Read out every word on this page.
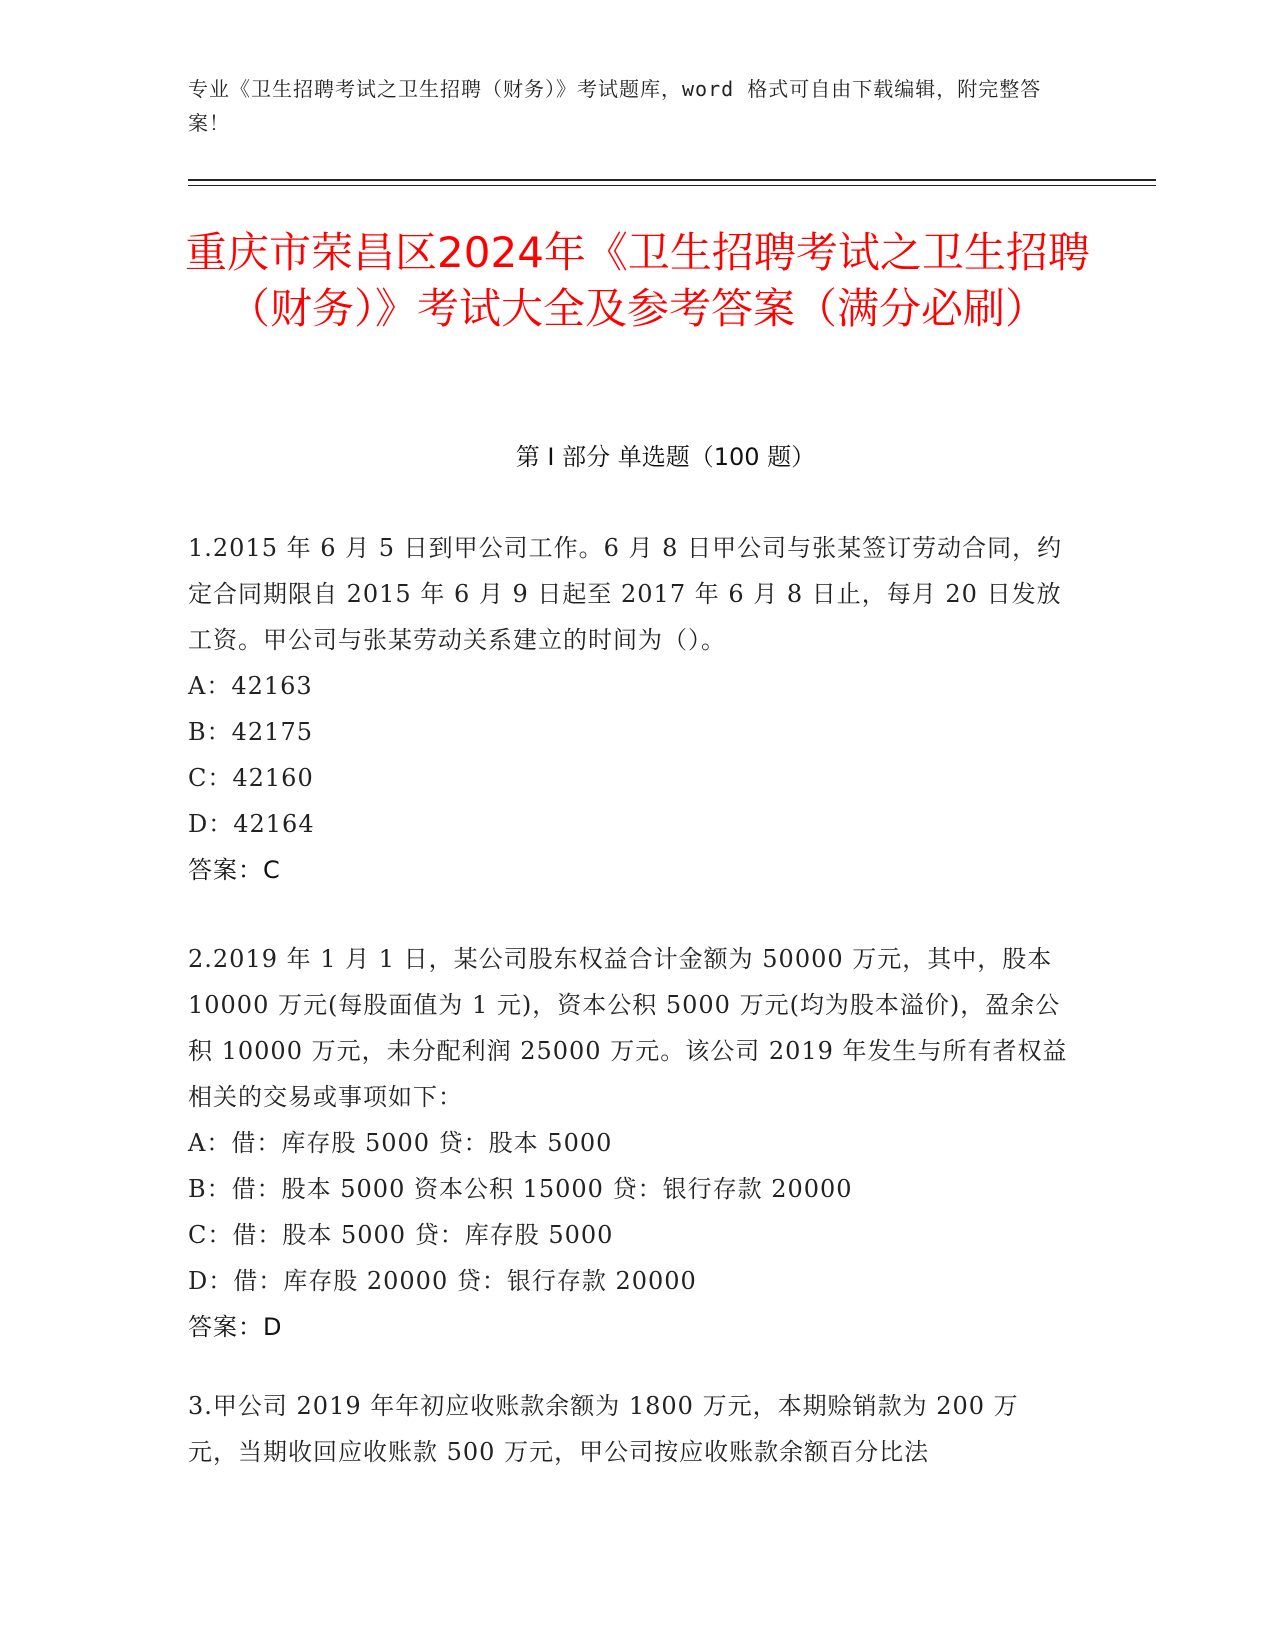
专业《卫生招聘考试之卫生招聘（财务）》考试题库，word 格式可自由下载编辑，附完整答案！
重庆市荣昌区2024年《卫生招聘考试之卫生招聘（财务）》考试大全及参考答案（满分必刷）
第 I 部分 单选题（100 题）

1.2015 年 6 月 5 日到甲公司工作。6 月 8 日甲公司与张某签订劳动合同，约定合同期限自 2015 年 6 月 9 日起至 2017 年 6 月 8 日止，每月 20 日发放工资。甲公司与张某劳动关系建立的时间为（）。

A： 42163
B： 42175
C： 42160
D： 42164

答案：C

2.2019 年 1 月 1 日，某公司股东权益合计金额为 50000 万元，其中，股本 10000 万元(每股面值为 1 元)，资本公积 5000 万元(均为股本溢价)，盈余公积 10000 万元，未分配利润 25000 万元。该公司 2019 年发生与所有者权益相关的交易或事项如下：

A： 借：库存股 5000 贷：股本 5000
B： 借：股本 5000 资本公积 15000 贷：银行存款 20000
C： 借：股本 5000 贷：库存股 5000
D： 借：库存股 20000 贷：银行存款 20000

答案：D

3.甲公司 2019 年年初应收账款余额为 1800 万元，本期赊销款为 200 万元，当期收回应收账款 500 万元，甲公司按应收账款余额百分比法
